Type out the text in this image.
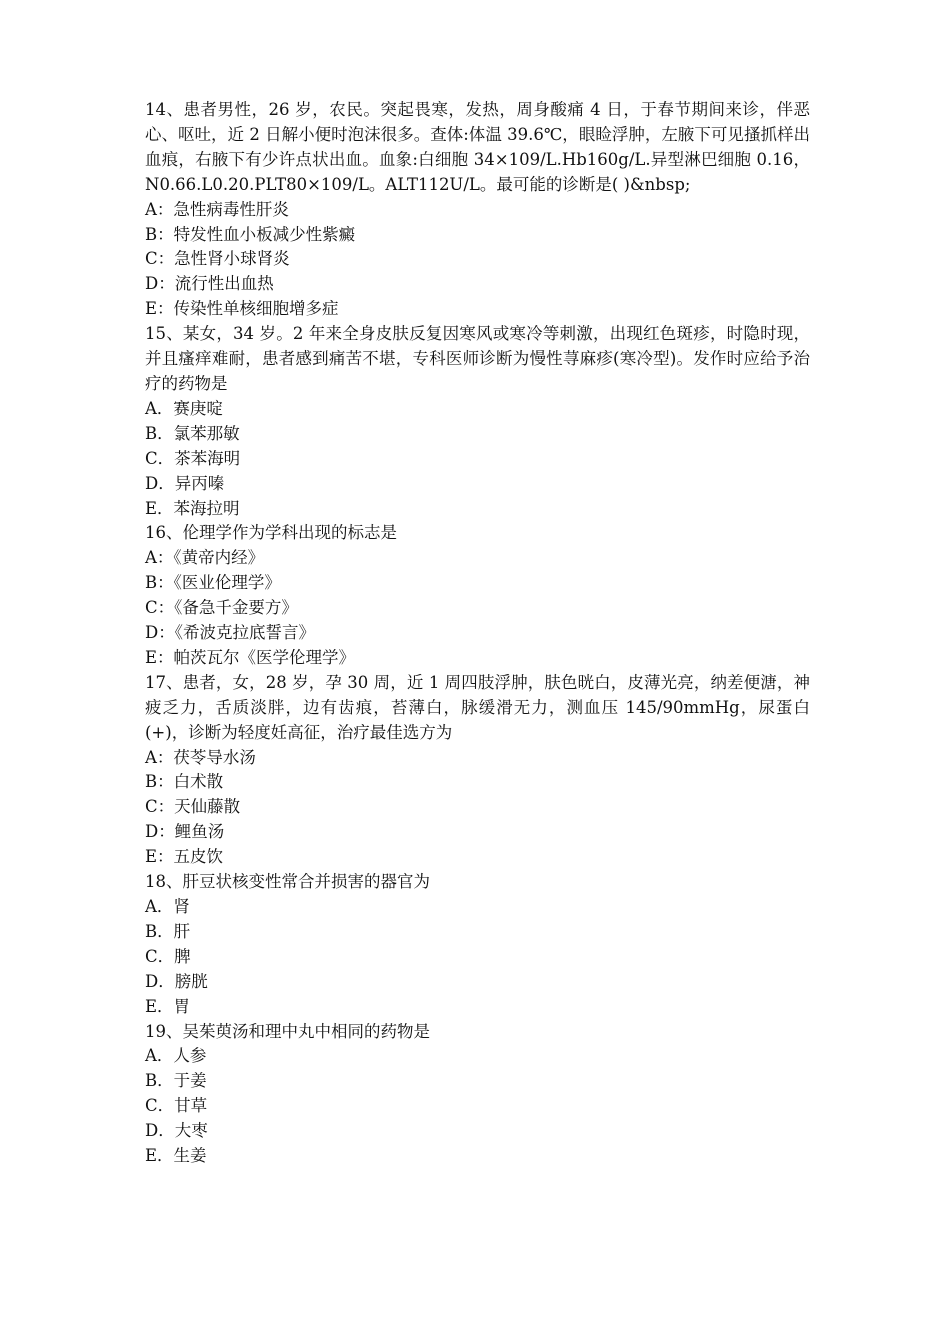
14、患者男性，26 岁，农民。突起畏寒，发热，周身酸痛 4 日，于春节期间来诊，伴恶心、呕吐，近 2 日解小便时泡沫很多。查体:体温 39.6℃，眼睑浮肿，左腋下可见搔抓样出血痕，右腋下有少许点状出血。血象:白细胞 34×109/L.Hb160g/L.异型淋巴细胞 0.16，N0.66.L0.20.PLT80×109/L。ALT112U/L。最可能的诊断是( )&nbsp;

A：急性病毒性肝炎

B：特发性血小板减少性紫癜

C：急性肾小球肾炎

D：流行性出血热

E：传染性单核细胞增多症

15、某女，34 岁。2 年来全身皮肤反复因寒风或寒冷等刺激，出现红色斑疹，时隐时现，并且瘙痒难耐，患者感到痛苦不堪，专科医师诊断为慢性荨麻疹(寒冷型)。发作时应给予治疗的药物是

A．赛庚啶

B．氯苯那敏

C．茶苯海明

D．异丙嗪

E．苯海拉明

16、伦理学作为学科出现的标志是

A：《黄帝内经》

B：《医业伦理学》

C：《备急千金要方》

D：《希波克拉底誓言》

E：帕茨瓦尔《医学伦理学》

17、患者，女，28 岁，孕 30 周，近 1 周四肢浮肿，肤色晄白，皮薄光亮，纳差便溏，神疲乏力，舌质淡胖，边有齿痕，苔薄白，脉缓滑无力，测血压 145/90mmHg，尿蛋白(+)，诊断为轻度妊高征，治疗最佳选方为

A：茯苓导水汤

B：白术散

C：天仙藤散

D：鲤鱼汤

E：五皮饮

18、肝豆状核变性常合并损害的器官为

A．肾

B．肝

C．脾

D．膀胱

E．胃

19、吴茱萸汤和理中丸中相同的药物是

A．人参

B．于姜

C．甘草

D．大枣

E．生姜
